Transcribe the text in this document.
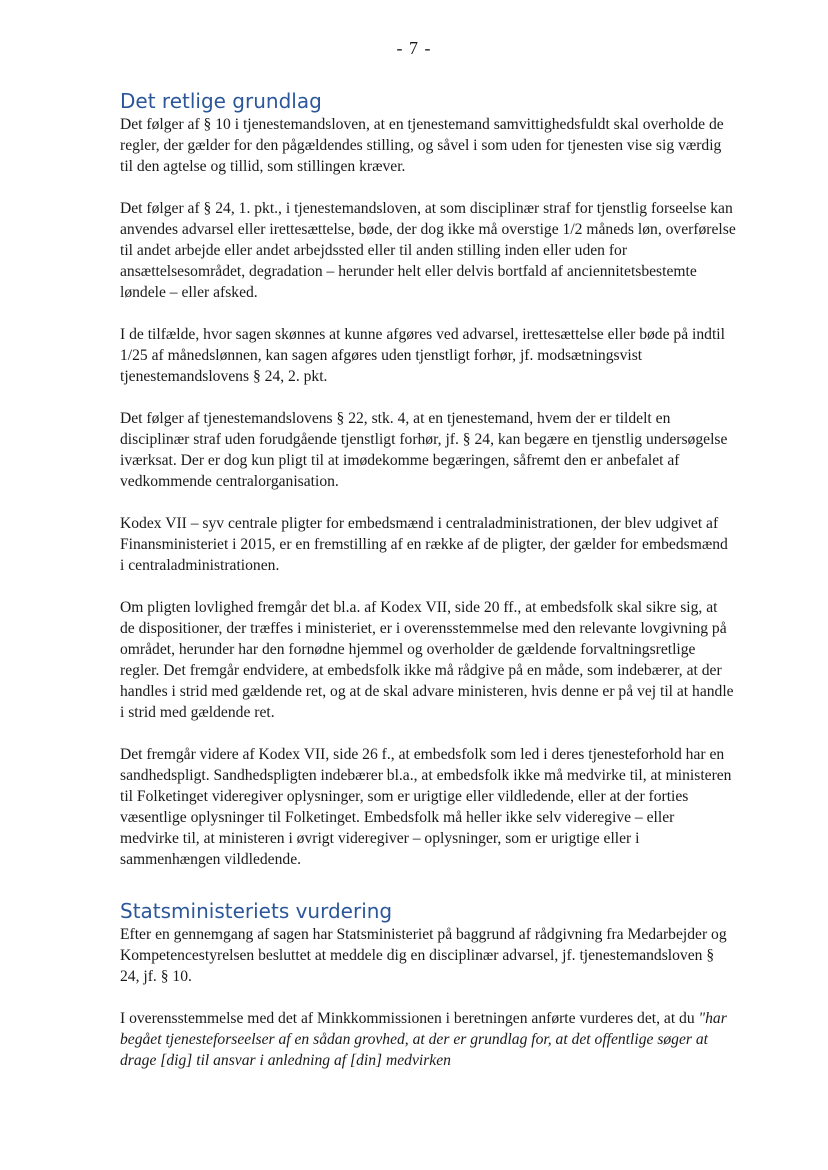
- 7 -
Det retlige grundlag

Det følger af § 10 i tjenestemandsloven, at en tjenestemand samvittighedsfuldt skal overholde de regler, der gælder for den pågældendes stilling, og såvel i som uden for tjenesten vise sig værdig til den agtelse og tillid, som stillingen kræver.

Det følger af § 24, 1. pkt., i tjenestemandsloven, at som disciplinær straf for tjenstlig forseelse kan anvendes advarsel eller irettesættelse, bøde, der dog ikke må overstige 1/2 måneds løn, overførelse til andet arbejde eller andet arbejdssted eller til anden stilling inden eller uden for ansættelsesområdet, degradation – herunder helt eller delvis bortfald af anciennitetsbestemte løndele – eller afsked.

I de tilfælde, hvor sagen skønnes at kunne afgøres ved advarsel, irettesættelse eller bøde på indtil 1/25 af månedslønnen, kan sagen afgøres uden tjenstligt forhør, jf. modsætningsvist tjenestemandslovens § 24, 2. pkt.

Det følger af tjenestemandslovens § 22, stk. 4, at en tjenestemand, hvem der er tildelt en disciplinær straf uden forudgående tjenstligt forhør, jf. § 24, kan begære en tjenstlig undersøgelse iværksat. Der er dog kun pligt til at imødekomme begæringen, såfremt den er anbefalet af vedkommende centralorganisation.

Kodex VII – syv centrale pligter for embedsmænd i centraladministrationen, der blev udgivet af Finansministeriet i 2015, er en fremstilling af en række af de pligter, der gælder for embedsmænd i centraladministrationen.

Om pligten lovlighed fremgår det bl.a. af Kodex VII, side 20 ff., at embedsfolk skal sikre sig, at de dispositioner, der træffes i ministeriet, er i overensstemmelse med den relevante lovgivning på området, herunder har den fornødne hjemmel og overholder de gældende forvaltningsretlige regler. Det fremgår endvidere, at embedsfolk ikke må rådgive på en måde, som indebærer, at der handles i strid med gældende ret, og at de skal advare ministeren, hvis denne er på vej til at handle i strid med gældende ret.

Det fremgår videre af Kodex VII, side 26 f., at embedsfolk som led i deres tjenesteforhold har en sandhedspligt. Sandhedspligten indebærer bl.a., at embedsfolk ikke må medvirke til, at ministeren til Folketinget videregiver oplysninger, som er urigtige eller vildledende, eller at der forties væsentlige oplysninger til Folketinget. Embedsfolk må heller ikke selv videregive – eller medvirke til, at ministeren i øvrigt videregiver – oplysninger, som er urigtige eller i sammenhængen vildledende.

Statsministeriets vurdering

Efter en gennemgang af sagen har Statsministeriet på baggrund af rådgivning fra Medarbejder og Kompetencestyrelsen besluttet at meddele dig en disciplinær advarsel, jf. tjenestemandsloven § 24, jf. § 10.

I overensstemmelse med det af Minkkommissionen i beretningen anførte vurderes det, at du "har begået tjenesteforseelser af en sådan grovhed, at der er grundlag for, at det offentlige søger at drage [dig] til ansvar i anledning af [din] medvirken
